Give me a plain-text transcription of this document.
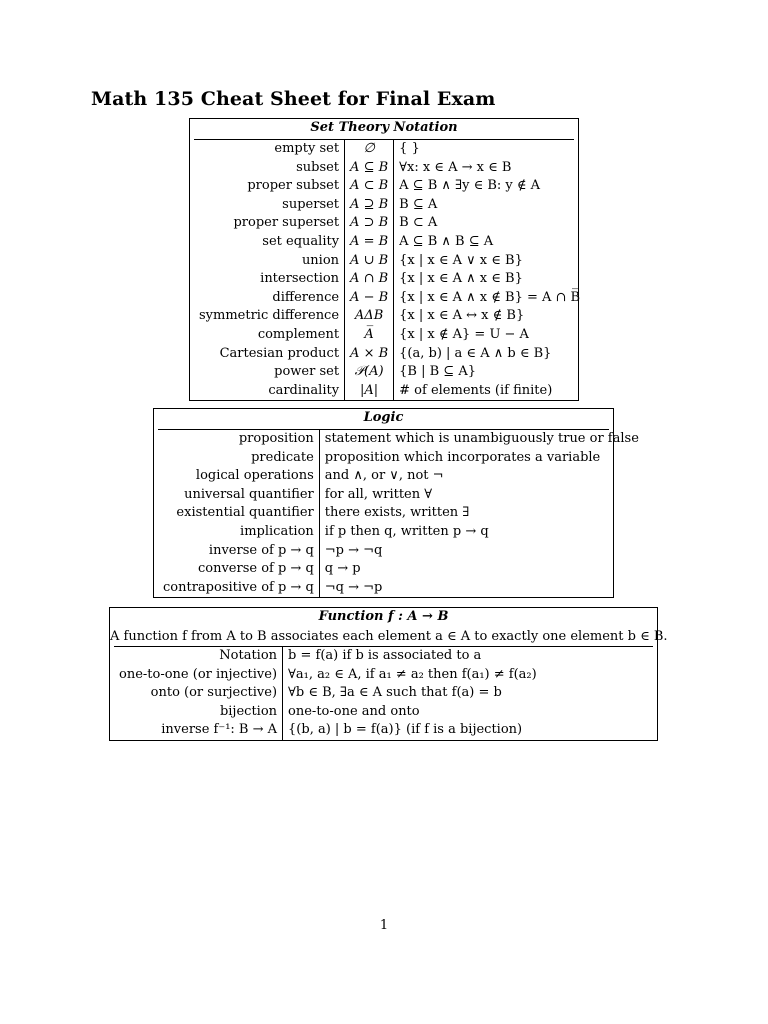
Math 135 Cheat Sheet for Final Exam
Set Theory Notation
empty set	∅	{ }
subset	A ⊆ B	∀x: x ∈ A → x ∈ B
proper subset	A ⊂ B	A ⊆ B ∧ ∃y ∈ B: y ∉ A
superset	A ⊇ B	B ⊆ A
proper superset	A ⊃ B	B ⊂ A
set equality	A = B	A ⊆ B ∧ B ⊆ A
union	A ∪ B	{x | x ∈ A ∨ x ∈ B}
intersection	A ∩ B	{x | x ∈ A ∧ x ∈ B}
difference	A − B	{x | x ∈ A ∧ x ∉ B} = A ∩ B̅
symmetric difference	AΔB	{x | x ∈ A ↔ x ∉ B}
complement	A̅	{x | x ∉ A} = U − A
Cartesian product	A × B	{(a, b) | a ∈ A ∧ b ∈ B}
power set	𝒫(A)	{B | B ⊆ A}
cardinality	|A|	# of elements (if finite)
Logic
proposition	statement which is unambiguously true or false
predicate	proposition which incorporates a variable
logical operations	and ∧, or ∨, not ¬
universal quantifier	for all, written ∀
existential quantifier	there exists, written ∃
implication	if p then q, written p → q
inverse of p → q	¬p → ¬q
converse of p → q	q → p
contrapositive of p → q	¬q → ¬p
Function f : A → B
A function f from A to B associates each element a ∈ A to exactly one element b ∈ B.
Notation	b = f(a) if b is associated to a
one-to-one (or injective)	∀a₁, a₂ ∈ A, if a₁ ≠ a₂ then f(a₁) ≠ f(a₂)
onto (or surjective)	∀b ∈ B, ∃a ∈ A such that f(a) = b
bijection	one-to-one and onto
inverse f⁻¹: B → A	{(b, a) | b = f(a)} (if f is a bijection)
1
